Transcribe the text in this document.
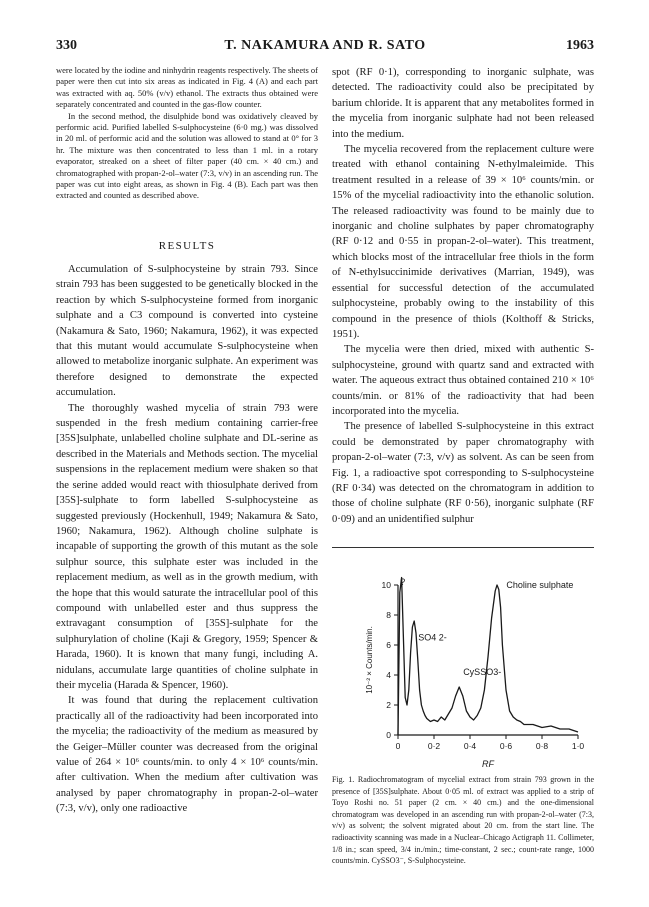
330	T. NAKAMURA AND R. SATO	1963

were located by the iodine and ninhydrin reagents respectively. The sheets of paper were then cut into six areas as indicated in Fig. 4 (A) and each part was extracted with aq. 50% (v/v) ethanol. The extracts thus obtained were separately concentrated and counted in the gas-flow counter.

In the second method, the disulphide bond was oxidatively cleaved by performic acid. Purified labelled S-sulphocysteine (6·0 mg.) was dissolved in 20 ml. of performic acid and the solution was allowed to stand at 0° for 3 hr. The mixture was then concentrated to less than 1 ml. in a rotary evaporator, streaked on a sheet of filter paper (40 cm. × 40 cm.) and chromatographed with propan-2-ol–water (7:3, v/v) in an ascending run. The paper was cut into eight areas, as shown in Fig. 4 (B). Each part was then extracted and counted as described above.

RESULTS

Accumulation of S-sulphocysteine by strain 793. Since strain 793 has been suggested to be genetically blocked in the reaction by which S-sulphocysteine formed from inorganic sulphate and a C3 compound is converted into cysteine (Nakamura & Sato, 1960; Nakamura, 1962), it was expected that this mutant would accumulate S-sulphocysteine when allowed to metabolize inorganic sulphate. An experiment was therefore designed to demonstrate the expected accumulation.

The thoroughly washed mycelia of strain 793 were suspended in the fresh medium containing carrier-free [35S]sulphate, unlabelled choline sulphate and DL-serine as described in the Materials and Methods section. The mycelial suspensions in the replacement medium were shaken so that the serine added would react with thiosulphate derived from [35S]-sulphate to form labelled S-sulphocysteine as suggested previously (Hockenhull, 1949; Nakamura & Sato, 1960; Nakamura, 1962). Although choline sulphate is incapable of supporting the growth of this mutant as the sole sulphur source, this sulphate ester was included in the replacement medium, as well as in the growth medium, with the hope that this would saturate the intracellular pool of this compound with unlabelled ester and thus suppress the extravagant consumption of [35S]-sulphate for the sulphurylation of choline (Kaji & Gregory, 1959; Spencer & Harada, 1960). It is known that many fungi, including A. nidulans, accumulate large quantities of choline sulphate in their mycelia (Harada & Spencer, 1960).

It was found that during the replacement cultivation practically all of the radioactivity had been incorporated into the mycelia; the radioactivity of the medium as measured by the Geiger–Müller counter was decreased from the original value of 264 × 10⁶ counts/min. to only 4 × 10⁶ counts/min. after cultivation. When the medium after cultivation was analysed by paper chromatography in propan-2-ol–water (7:3, v/v), only one radioactive

spot (RF 0·1), corresponding to inorganic sulphate, was detected. The radioactivity could also be precipitated by barium chloride. It is apparent that any metabolites formed in the mycelia from inorganic sulphate had not been released into the medium.

The mycelia recovered from the replacement culture were treated with ethanol containing N-ethylmaleimide. This treatment resulted in a release of 39 × 10⁶ counts/min. or 15% of the mycelial radioactivity into the ethanolic solution. The released radioactivity was found to be mainly due to inorganic and choline sulphates by paper chromatography (RF 0·12 and 0·55 in propan-2-ol–water). This treatment, which blocks most of the intracellular free thiols in the form of N-ethylsuccinimide derivatives (Marrian, 1949), was essential for successful detection of the accumulated sulphocysteine, probably owing to the instability of this compound in the presence of thiols (Kolthoff & Stricks, 1951).

The mycelia were then dried, mixed with authentic S-sulphocysteine, ground with quartz sand and extracted with water. The aqueous extract thus obtained contained 210 × 10⁶ counts/min. or 81% of the radioactivity that had been incorporated into the mycelia.

The presence of labelled S-sulphocysteine in this extract could be demonstrated by paper chromatography with propan-2-ol–water (7:3, v/v) as solvent. As can be seen from Fig. 1, a radioactive spot corresponding to S-sulphocysteine (RF 0·34) was detected on the chromatogram in addition to those of choline sulphate (RF 0·56), inorganic sulphate (RF 0·09) and an unidentified sulphur

RF
10⁻² × Counts/min.
0	0·2	0·4	0·6	0·8	1·0
0
2
4
6
8
10 ?
SO4 2-
CySSO3-
Choline sulphate

Fig. 1. Radiochromatogram of mycelial extract from strain 793 grown in the presence of [35S]sulphate. About 0·05 ml. of extract was applied to a strip of Toyo Roshi no. 51 paper (2 cm. × 40 cm.) and the one-dimensional chromatogram was developed in an ascending run with propan-2-ol–water (7:3, v/v) as solvent; the solvent migrated about 20 cm. from the start line. The radioactivity scanning was made in a Nuclear–Chicago Actigraph 11. Collimeter, 1/8 in.; scan speed, 3/4 in./min.; time-constant, 2 sec.; count-rate range, 1000 counts/min. CySSO3⁻, S-Sulphocysteine.
